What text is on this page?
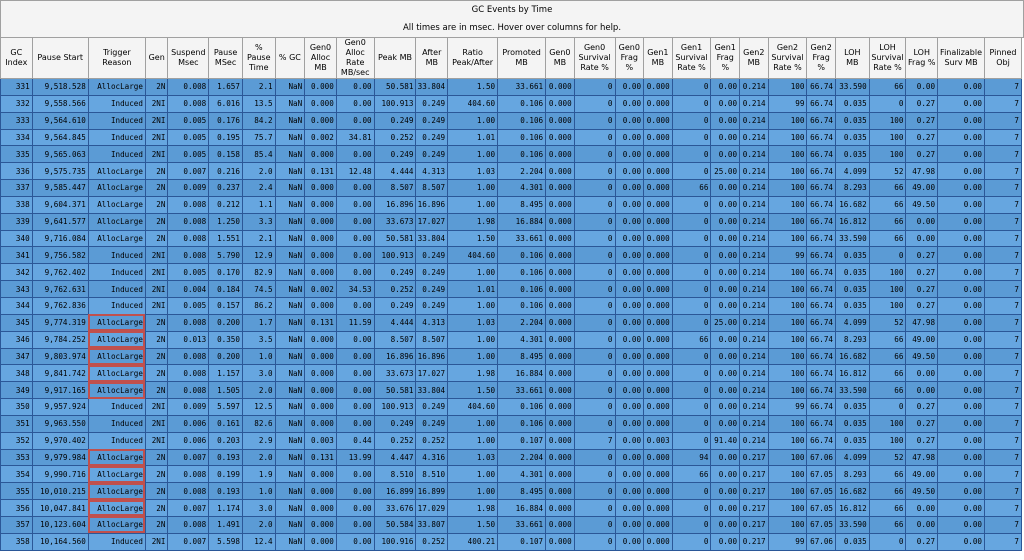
GC Events by Time
All times are in msec. Hover over columns for help.
GC Index	Pause Start	Trigger Reason	Gen	Suspend Msec	Pause MSec	% Pause Time	% GC	Gen0 Alloc MB	Gen0 Alloc Rate MB/sec	Peak MB	After MB	Ratio Peak/After	Promoted MB	Gen0 MB	Gen0 Survival Rate %	Gen0 Frag %	Gen1 MB	Gen1 Survival Rate %	Gen1 Frag %	Gen2 MB	Gen2 Survival Rate %	Gen2 Frag %	LOH MB	LOH Survival Rate %	LOH Frag %	Finalizable Surv MB	Pinned Obj
331	9,518.528	AllocLarge	2N	0.008	1.657	2.1	NaN	0.000	0.00	50.581	33.804	1.50	33.661	0.000	0	0.00	0.000	0	0.00	0.214	100	66.74	33.590	66	0.00	0.00	7
332	9,558.566	Induced	2NI	0.008	6.016	13.5	NaN	0.000	0.00	100.913	0.249	404.60	0.106	0.000	0	0.00	0.000	0	0.00	0.214	99	66.74	0.035	0	0.27	0.00	7
333	9,564.610	Induced	2NI	0.005	0.176	84.2	NaN	0.000	0.00	0.249	0.249	1.00	0.106	0.000	0	0.00	0.000	0	0.00	0.214	100	66.74	0.035	100	0.27	0.00	7
334	9,564.845	Induced	2NI	0.005	0.195	75.7	NaN	0.002	34.81	0.252	0.249	1.01	0.106	0.000	0	0.00	0.000	0	0.00	0.214	100	66.74	0.035	100	0.27	0.00	7
335	9,565.063	Induced	2NI	0.005	0.158	85.4	NaN	0.000	0.00	0.249	0.249	1.00	0.106	0.000	0	0.00	0.000	0	0.00	0.214	100	66.74	0.035	100	0.27	0.00	7
336	9,575.735	AllocLarge	2N	0.007	0.216	2.0	NaN	0.131	12.48	4.444	4.313	1.03	2.204	0.000	0	0.00	0.000	0	25.00	0.214	100	66.74	4.099	52	47.98	0.00	7
337	9,585.447	AllocLarge	2N	0.009	0.237	2.4	NaN	0.000	0.00	8.507	8.507	1.00	4.301	0.000	0	0.00	0.000	66	0.00	0.214	100	66.74	8.293	66	49.00	0.00	7
338	9,604.371	AllocLarge	2N	0.008	0.212	1.1	NaN	0.000	0.00	16.896	16.896	1.00	8.495	0.000	0	0.00	0.000	0	0.00	0.214	100	66.74	16.682	66	49.50	0.00	7
339	9,641.577	AllocLarge	2N	0.008	1.250	3.3	NaN	0.000	0.00	33.673	17.027	1.98	16.884	0.000	0	0.00	0.000	0	0.00	0.214	100	66.74	16.812	66	0.00	0.00	7
340	9,716.084	AllocLarge	2N	0.008	1.551	2.1	NaN	0.000	0.00	50.581	33.804	1.50	33.661	0.000	0	0.00	0.000	0	0.00	0.214	100	66.74	33.590	66	0.00	0.00	7
341	9,756.582	Induced	2NI	0.008	5.790	12.9	NaN	0.000	0.00	100.913	0.249	404.60	0.106	0.000	0	0.00	0.000	0	0.00	0.214	99	66.74	0.035	0	0.27	0.00	7
342	9,762.402	Induced	2NI	0.005	0.170	82.9	NaN	0.000	0.00	0.249	0.249	1.00	0.106	0.000	0	0.00	0.000	0	0.00	0.214	100	66.74	0.035	100	0.27	0.00	7
343	9,762.631	Induced	2NI	0.004	0.184	74.5	NaN	0.002	34.53	0.252	0.249	1.01	0.106	0.000	0	0.00	0.000	0	0.00	0.214	100	66.74	0.035	100	0.27	0.00	7
344	9,762.836	Induced	2NI	0.005	0.157	86.2	NaN	0.000	0.00	0.249	0.249	1.00	0.106	0.000	0	0.00	0.000	0	0.00	0.214	100	66.74	0.035	100	0.27	0.00	7
345	9,774.319	AllocLarge	2N	0.008	0.200	1.7	NaN	0.131	11.59	4.444	4.313	1.03	2.204	0.000	0	0.00	0.000	0	25.00	0.214	100	66.74	4.099	52	47.98	0.00	7
346	9,784.252	AllocLarge	2N	0.013	0.350	3.5	NaN	0.000	0.00	8.507	8.507	1.00	4.301	0.000	0	0.00	0.000	66	0.00	0.214	100	66.74	8.293	66	49.00	0.00	7
347	9,803.974	AllocLarge	2N	0.008	0.200	1.0	NaN	0.000	0.00	16.896	16.896	1.00	8.495	0.000	0	0.00	0.000	0	0.00	0.214	100	66.74	16.682	66	49.50	0.00	7
348	9,841.742	AllocLarge	2N	0.008	1.157	3.0	NaN	0.000	0.00	33.673	17.027	1.98	16.884	0.000	0	0.00	0.000	0	0.00	0.214	100	66.74	16.812	66	0.00	0.00	7
349	9,917.165	AllocLarge	2N	0.008	1.505	2.0	NaN	0.000	0.00	50.581	33.804	1.50	33.661	0.000	0	0.00	0.000	0	0.00	0.214	100	66.74	33.590	66	0.00	0.00	7
350	9,957.924	Induced	2NI	0.009	5.597	12.5	NaN	0.000	0.00	100.913	0.249	404.60	0.106	0.000	0	0.00	0.000	0	0.00	0.214	99	66.74	0.035	0	0.27	0.00	7
351	9,963.550	Induced	2NI	0.006	0.161	82.6	NaN	0.000	0.00	0.249	0.249	1.00	0.106	0.000	0	0.00	0.000	0	0.00	0.214	100	66.74	0.035	100	0.27	0.00	7
352	9,970.402	Induced	2NI	0.006	0.203	2.9	NaN	0.003	0.44	0.252	0.252	1.00	0.107	0.000	7	0.00	0.003	0	91.40	0.214	100	66.74	0.035	100	0.27	0.00	7
353	9,979.984	AllocLarge	2N	0.007	0.193	2.0	NaN	0.131	13.99	4.447	4.316	1.03	2.204	0.000	0	0.00	0.000	94	0.00	0.217	100	67.06	4.099	52	47.98	0.00	7
354	9,990.716	AllocLarge	2N	0.008	0.199	1.9	NaN	0.000	0.00	8.510	8.510	1.00	4.301	0.000	0	0.00	0.000	66	0.00	0.217	100	67.05	8.293	66	49.00	0.00	7
355	10,010.215	AllocLarge	2N	0.008	0.193	1.0	NaN	0.000	0.00	16.899	16.899	1.00	8.495	0.000	0	0.00	0.000	0	0.00	0.217	100	67.05	16.682	66	49.50	0.00	7
356	10,047.841	AllocLarge	2N	0.007	1.174	3.0	NaN	0.000	0.00	33.676	17.029	1.98	16.884	0.000	0	0.00	0.000	0	0.00	0.217	100	67.05	16.812	66	0.00	0.00	7
357	10,123.604	AllocLarge	2N	0.008	1.491	2.0	NaN	0.000	0.00	50.584	33.807	1.50	33.661	0.000	0	0.00	0.000	0	0.00	0.217	100	67.05	33.590	66	0.00	0.00	7
358	10,164.560	Induced	2NI	0.007	5.598	12.4	NaN	0.000	0.00	100.916	0.252	400.21	0.107	0.000	0	0.00	0.000	0	0.00	0.217	99	67.06	0.035	0	0.27	0.00	7
